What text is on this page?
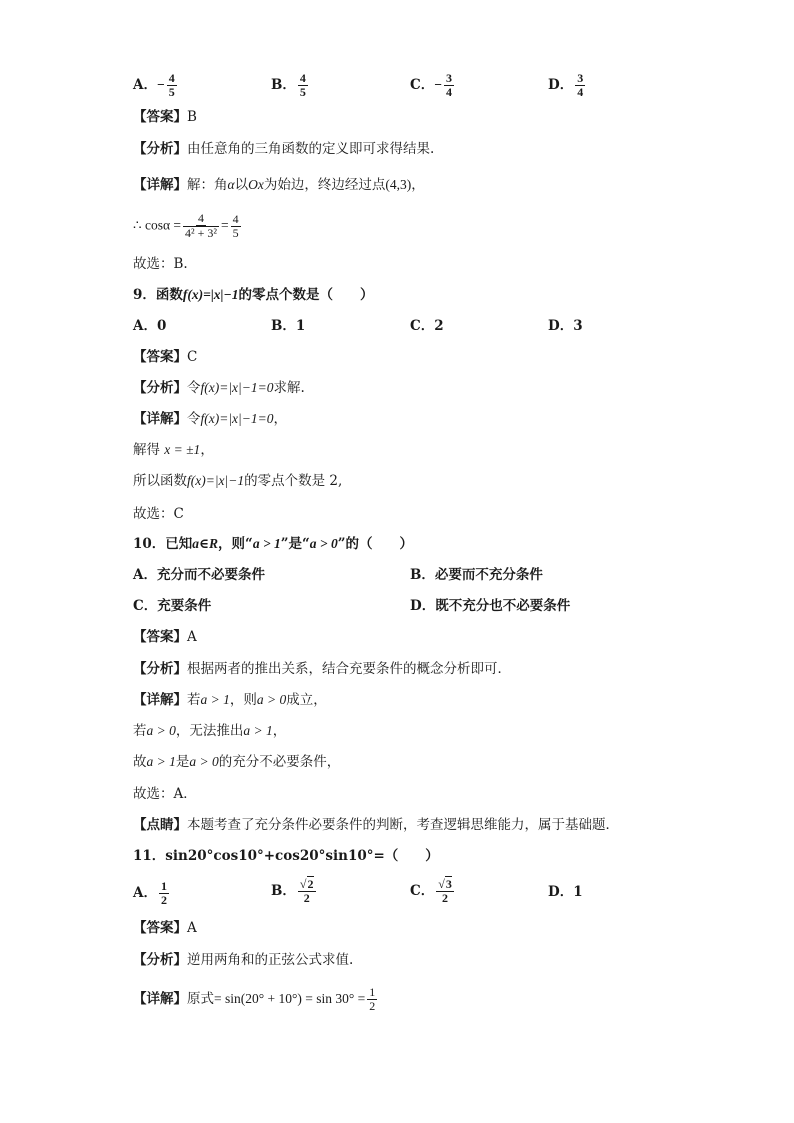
A．− $\frac{4}{5}$	B． $\frac{4}{5}$	C．− $\frac{3}{4}$	D． $\frac{3}{4}$
【答案】B
【分析】由任意角的三角函数的定义即可求得结果.
【详解】解：角α以Ox为始边，终边经过点(4,3)，
∴ $\cos\alpha = \frac{4}{\text{4² + 3²}} = \frac{4}{5}$
故选：B.
9．函数f(x)=|x|−1的零点个数是（　　）
A．0	B．1	C．2	D．3
【答案】C
【分析】令f(x)=|x|−1=0求解.
【详解】令f(x)=|x|−1=0，
解得 x = ±1，
所以函数f(x)=|x|−1的零点个数是 2,
故选：C
10．已知a∈R，则“a > 1”是“a > 0”的（　　）
A．充分而不必要条件	B．必要而不充分条件
C．充要条件	D．既不充分也不必要条件
【答案】A
【分析】根据两者的推出关系，结合充要条件的概念分析即可．
【详解】若a > 1，则a > 0成立，
若a > 0，无法推出a > 1，
故a > 1是a > 0的充分不必要条件，
故选：A．
【点睛】本题考查了充分条件必要条件的判断，考查逻辑思维能力，属于基础题．
11．sin20°cos10°+cos20°sin10°=（　　）
A． $\frac{1}{2}$	B． $\frac{√2}{2}$	C． $\frac{√3}{2}$	D．1
【答案】A
【分析】逆用两角和的正弦公式求值.
【详解】原式= $\sin(20^\circ + 10^\circ) = \sin 30^\circ = \frac{1}{2}$
